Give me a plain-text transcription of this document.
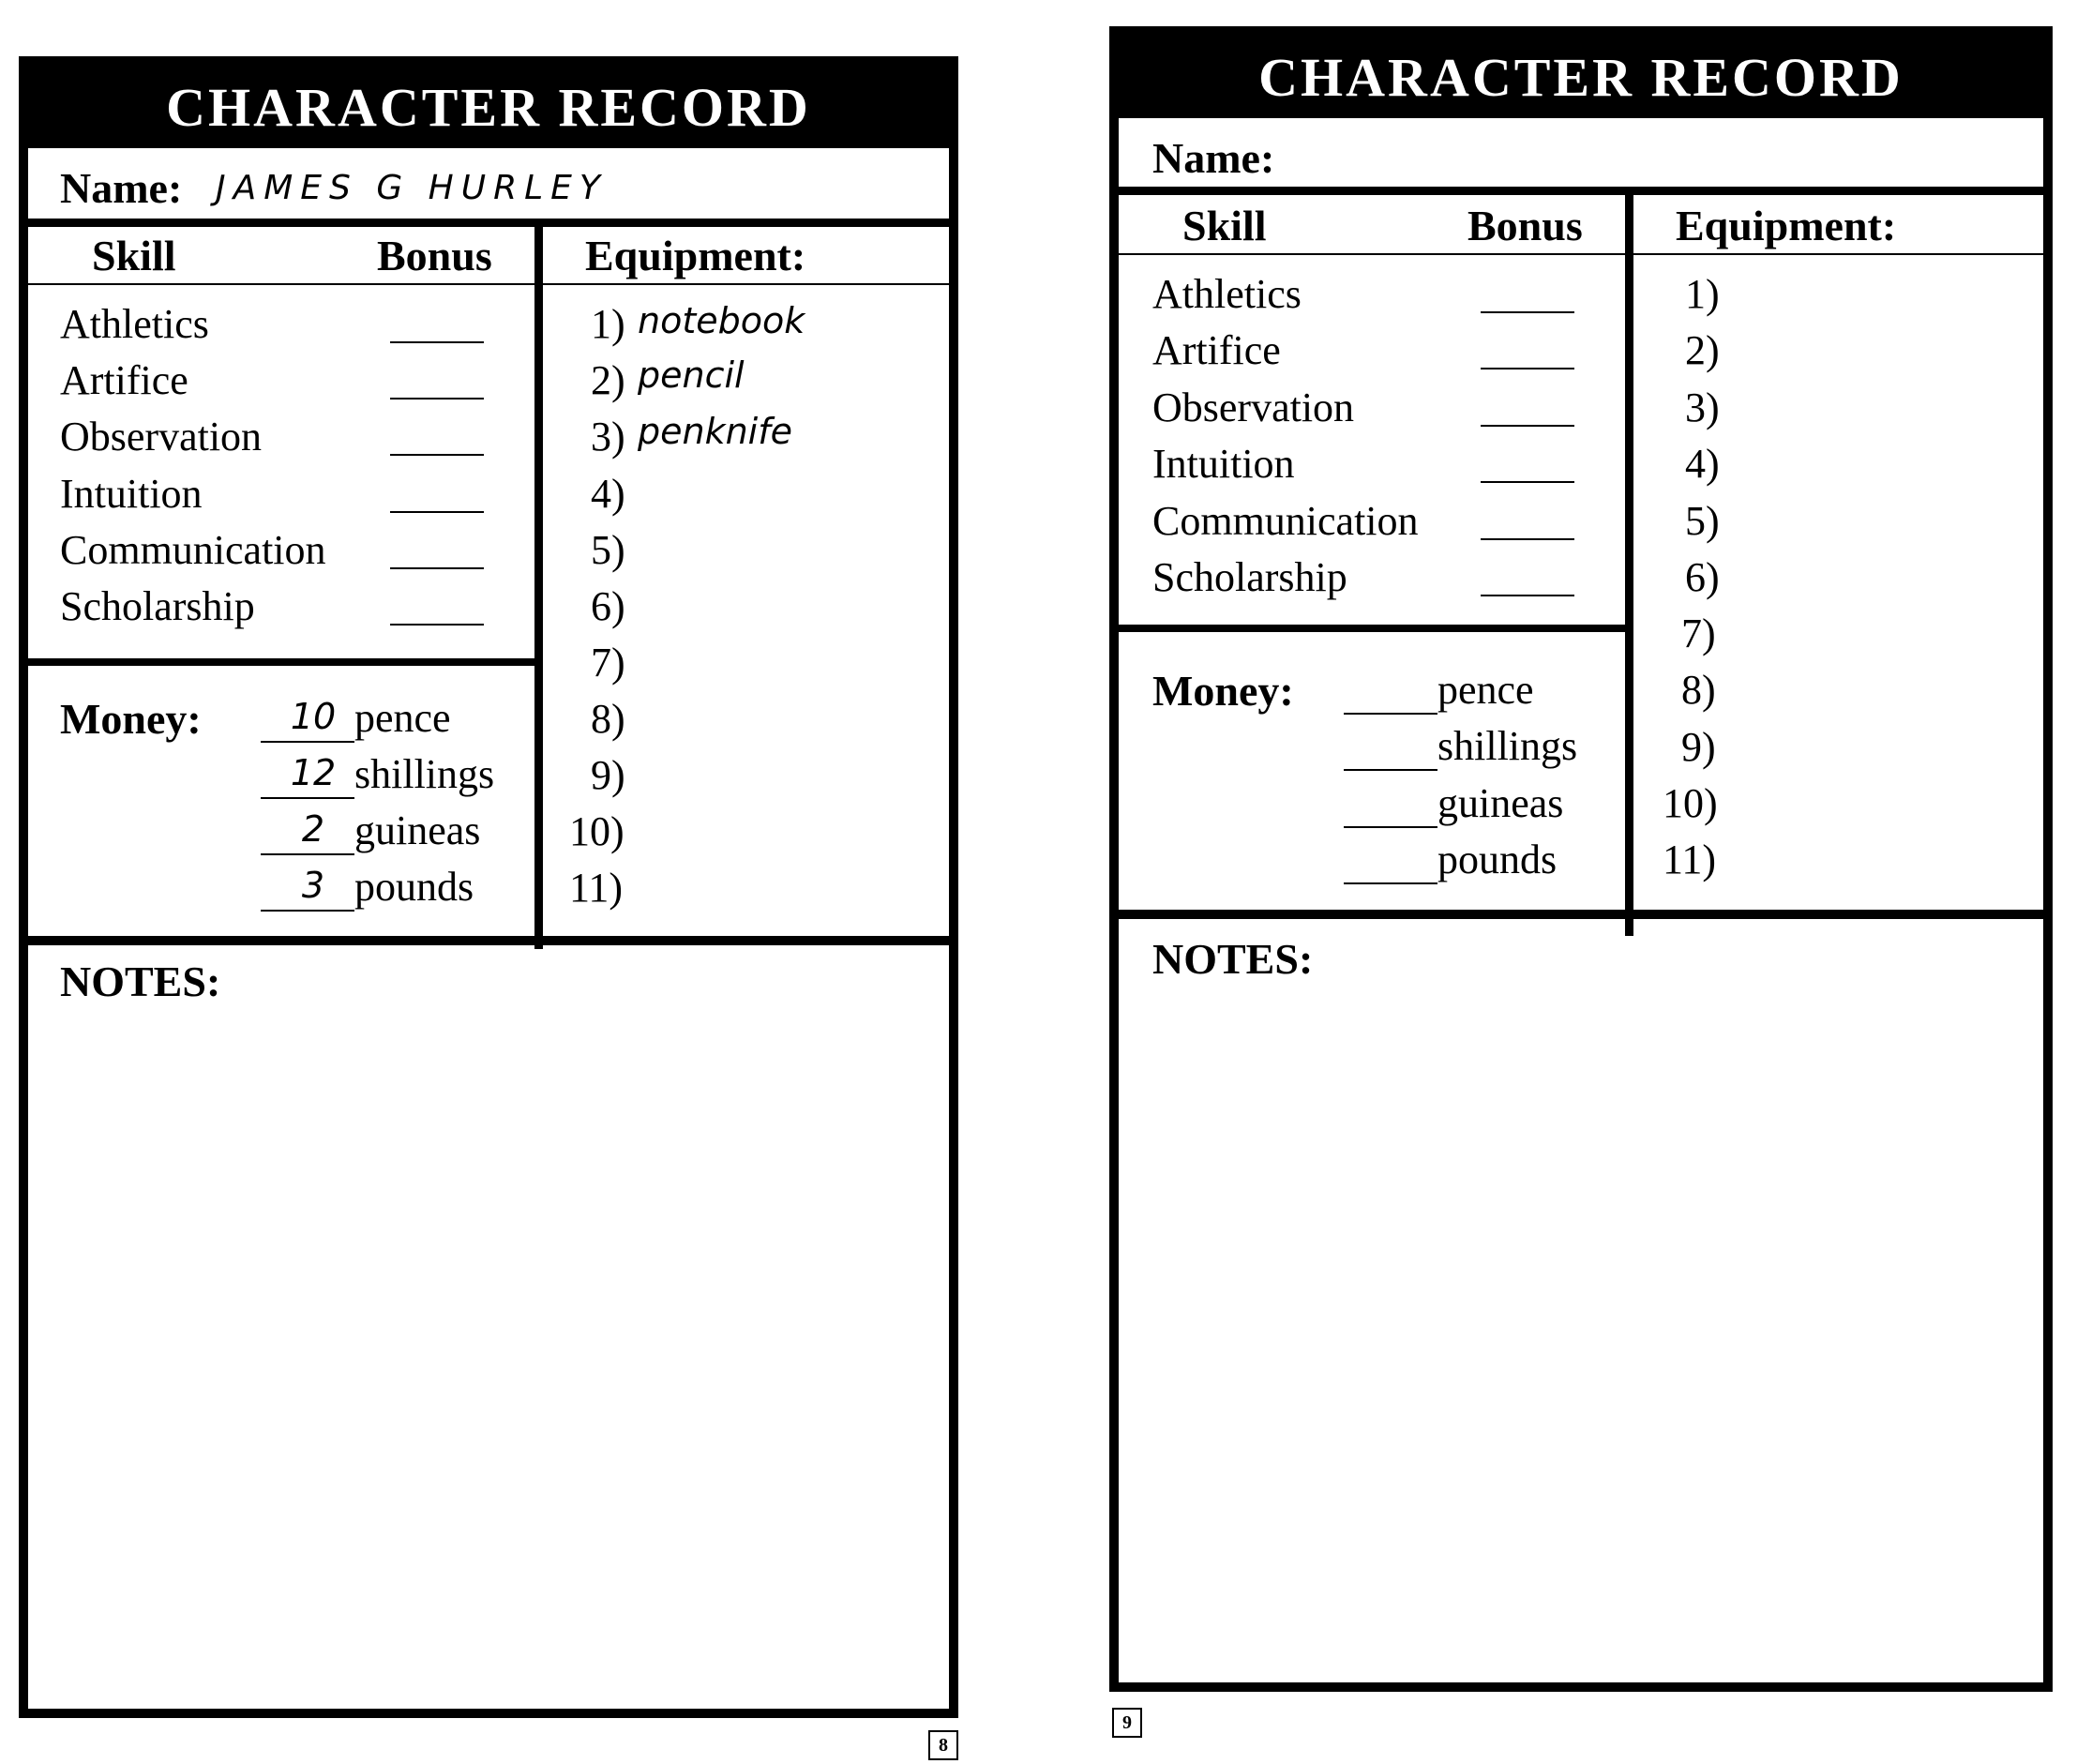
CHARACTER RECORD
Name: JAMES G HURLEY
Skill	Bonus Equipment:
Athletics
Artifice
Observation
Intuition
Communication
Scholarship
1) notebook
2) pencil
3) penknife
4)
5)
6)
7)
8)
9)
10)
11)
Money:	10 pence
12 shillings
2 guineas
3 pounds
NOTES:
8
CHARACTER RECORD
Name:
Skill	Bonus Equipment:
Athletics
Artifice
Observation
Intuition
Communication
Scholarship
1)
2)
3)
4)
5)
6)
7)
8)
9)
10)
11)
Money:	pence
shillings
guineas
pounds
NOTES:
9
